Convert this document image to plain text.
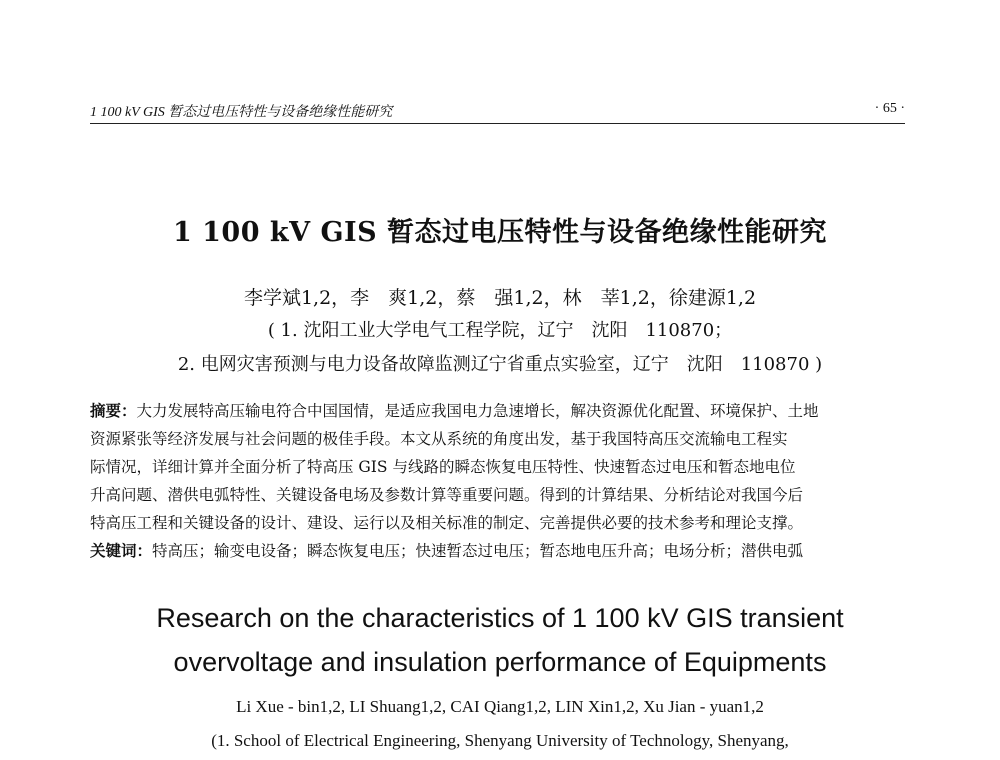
1 100 kV GIS 暂态过电压特性与设备绝缘性能研究	· 65 ·
1 100 kV GIS 暂态过电压特性与设备绝缘性能研究
李学斌1,2，李　爽1,2，蔡　强1,2，林　莘1,2，徐建源1,2
( 1. 沈阳工业大学电气工程学院，辽宁　沈阳　110870；
2. 电网灾害预测与电力设备故障监测辽宁省重点实验室，辽宁　沈阳　110870 )
摘要：大力发展特高压输电符合中国国情，是适应我国电力急速增长，解决资源优化配置、环境保护、土地
资源紧张等经济发展与社会问题的极佳手段。本文从系统的角度出发，基于我国特高压交流输电工程实
际情况，详细计算并全面分析了特高压 GIS 与线路的瞬态恢复电压特性、快速暂态过电压和暂态地电位
升高问题、潜供电弧特性、关键设备电场及参数计算等重要问题。得到的计算结果、分析结论对我国今后
特高压工程和关键设备的设计、建设、运行以及相关标准的制定、完善提供必要的技术参考和理论支撑。
关键词：特高压；输变电设备；瞬态恢复电压；快速暂态过电压；暂态地电压升高；电场分析；潜供电弧
Research on the characteristics of 1 100 kV GIS transient
overvoltage and insulation performance of Equipments
Li Xue - bin1,2, LI Shuang1,2, CAI Qiang1,2, LIN Xin1,2, Xu Jian - yuan1,2
(1. School of Electrical Engineering, Shenyang University of Technology, Shenyang,
